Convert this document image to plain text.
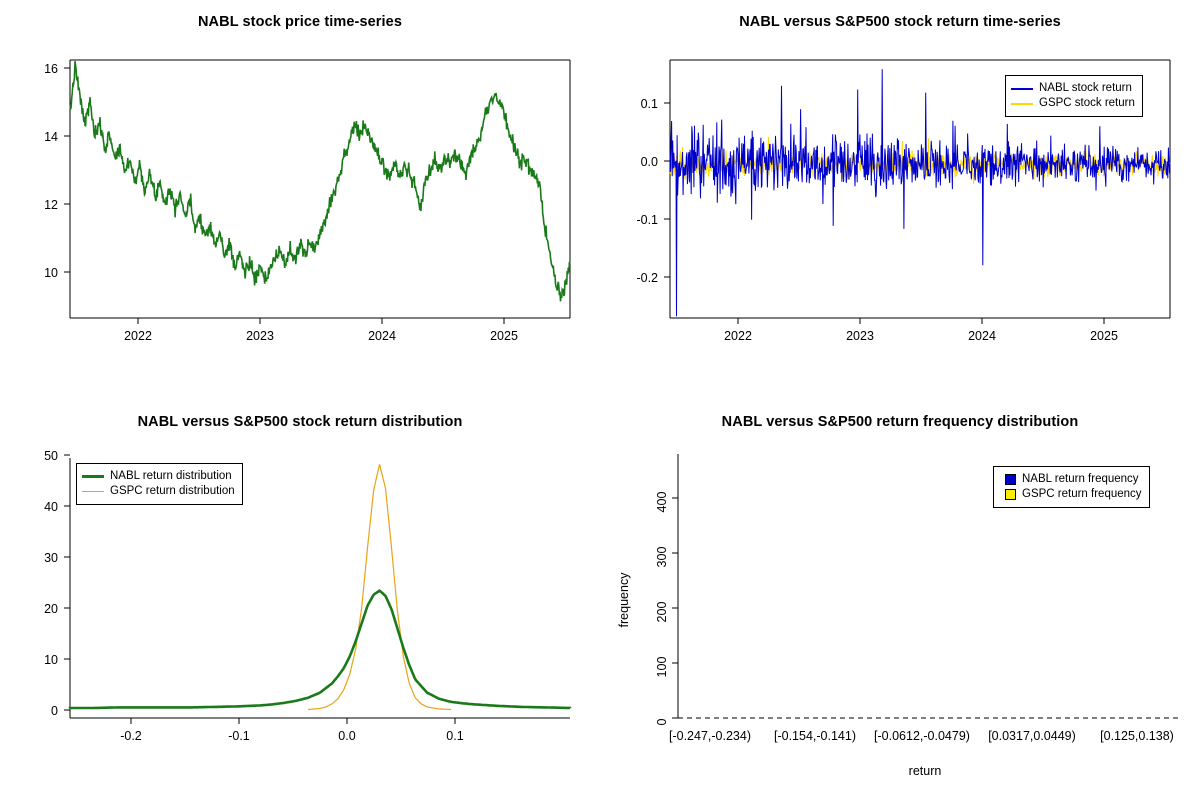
NABL stock price time-series
10
12
14
16
2022	2023	2024	2025
NABL versus S&P500 stock return time-series
-0.2
-0.1
0.0
0.1
2022	2023	2024	2025
NABL stock return
GSPC stock return
NABL versus S&P500 stock return distribution
0
10
20
30
40
50
-0.2	-0.1	0.0	0.1
NABL return distribution
GSPC return distribution
NABL versus S&P500 return frequency distribution
0
100
200
300
400
frequency
[-0.247,-0.234) [-0.154,-0.141) [-0.0612,-0.0479) [0.0317,0.0449) [0.125,0.138)
return
NABL return frequency
GSPC return frequency
